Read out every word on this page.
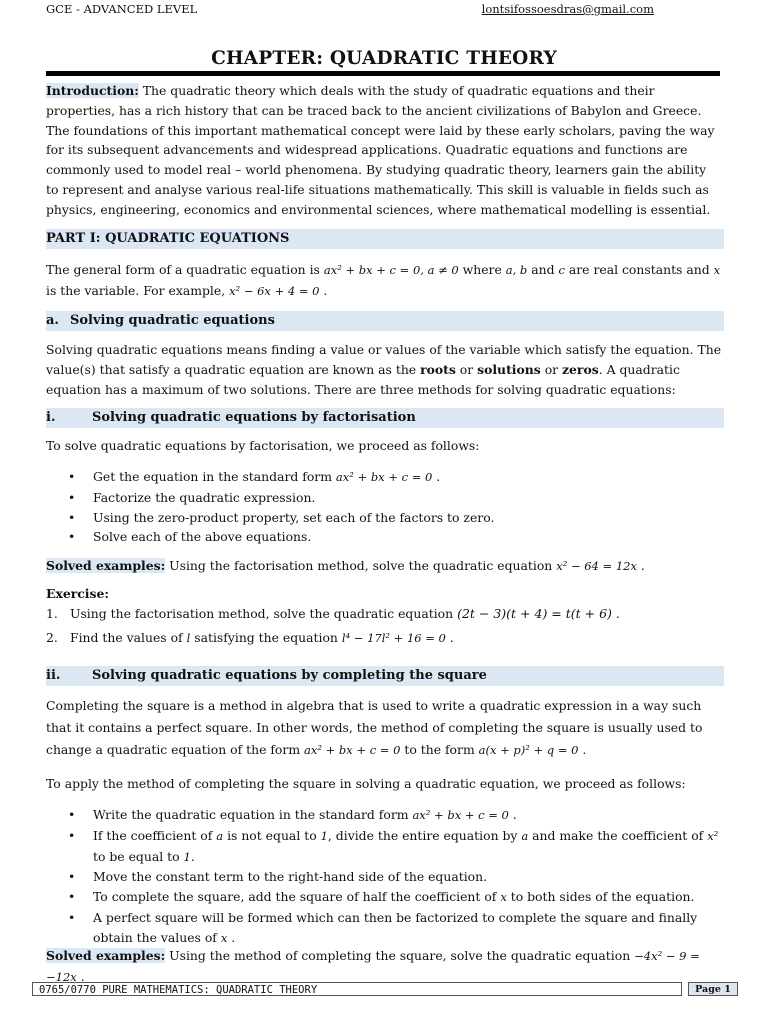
GCE - ADVANCED LEVEL	lontsifossoesdras@gmail.com
CHAPTER: QUADRATIC THEORY
Introduction: The quadratic theory which deals with the study of quadratic equations and their properties, has a rich history that can be traced back to the ancient civilizations of Babylon and Greece. The foundations of this important mathematical concept were laid by these early scholars, paving the way for its subsequent advancements and widespread applications. Quadratic equations and functions are commonly used to model real – world phenomena. By studying quadratic theory, learners gain the ability to represent and analyse various real-life situations mathematically. This skill is valuable in fields such as physics, engineering, economics and environmental sciences, where mathematical modelling is essential.
PART I: QUADRATIC EQUATIONS
The general form of a quadratic equation is ax² + bx + c = 0, a ≠ 0 where a, b and c are real constants and x is the variable. For example, x² − 6x + 4 = 0 .
a. Solving quadratic equations
Solving quadratic equations means finding a value or values of the variable which satisfy the equation. The value(s) that satisfy a quadratic equation are known as the roots or solutions or zeros. A quadratic equation has a maximum of two solutions. There are three methods for solving quadratic equations:
i.	Solving quadratic equations by factorisation
To solve quadratic equations by factorisation, we proceed as follows:
• Get the equation in the standard form ax² + bx + c = 0 .
• Factorize the quadratic expression.
• Using the zero-product property, set each of the factors to zero.
• Solve each of the above equations.
Solved examples: Using the factorisation method, solve the quadratic equation x² − 64 = 12x .
Exercise:
1. Using the factorisation method, solve the quadratic equation (2t − 3)(t + 4) = t(t + 6) .
2. Find the values of l satisfying the equation l⁴ − 17l² + 16 = 0 .
ii. Solving quadratic equations by completing the square
Completing the square is a method in algebra that is used to write a quadratic expression in a way such that it contains a perfect square. In other words, the method of completing the square is usually used to change a quadratic equation of the form ax² + bx + c = 0 to the form a(x + p)² + q = 0 .
To apply the method of completing the square in solving a quadratic equation, we proceed as follows:
• Write the quadratic equation in the standard form ax² + bx + c = 0 .
• If the coefficient of a is not equal to 1, divide the entire equation by a and make the coefficient of x² to be equal to 1.
• Move the constant term to the right-hand side of the equation.
• To complete the square, add the square of half the coefficient of x to both sides of the equation.
• A perfect square will be formed which can then be factorized to complete the square and finally obtain the values of x .
Solved examples: Using the method of completing the square, solve the quadratic equation −4x² − 9 = −12x .
0765/0770 PURE MATHEMATICS: QUADRATIC THEORY	Page 1
